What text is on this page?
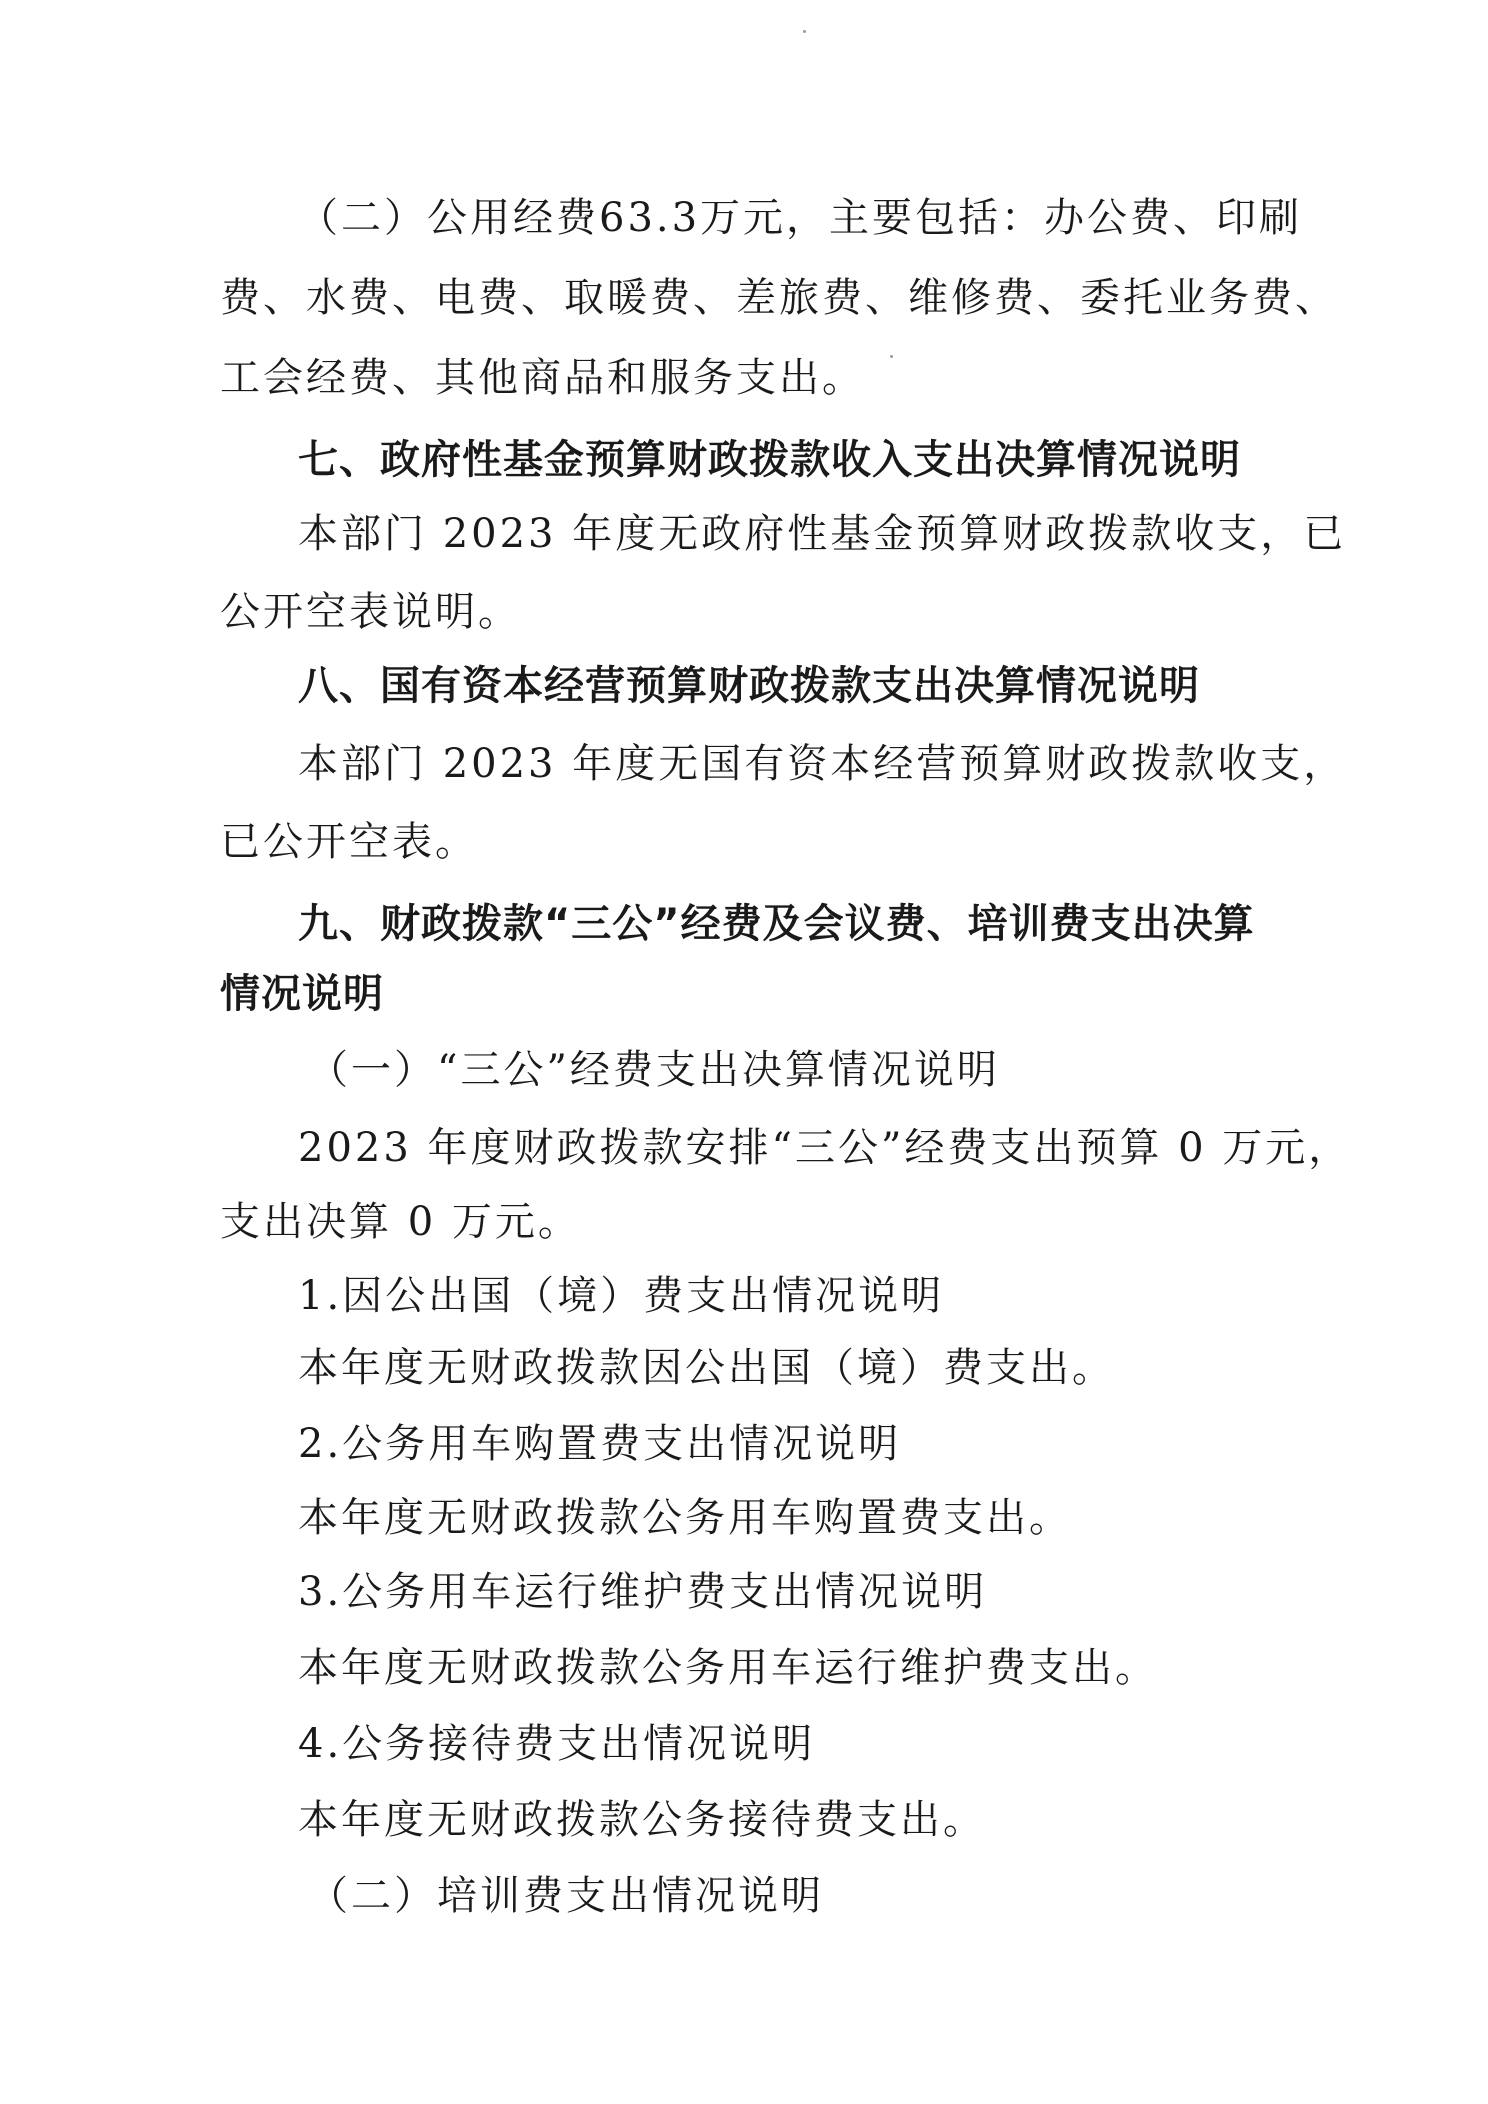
（二）公用经费63.3万元，主要包括：办公费、印刷
费、水费、电费、取暖费、差旅费、维修费、委托业务费、
工会经费、其他商品和服务支出。
七、政府性基金预算财政拨款收入支出决算情况说明
本部门 2023 年度无政府性基金预算财政拨款收支，已
公开空表说明。
八、国有资本经营预算财政拨款支出决算情况说明
本部门 2023 年度无国有资本经营预算财政拨款收支，
已公开空表。
九、财政拨款“三公”经费及会议费、培训费支出决算
情况说明
（一）“三公”经费支出决算情况说明
2023 年度财政拨款安排“三公”经费支出预算 0 万元，
支出决算 0 万元。
1.因公出国（境）费支出情况说明
本年度无财政拨款因公出国（境）费支出。
2.公务用车购置费支出情况说明
本年度无财政拨款公务用车购置费支出。
3.公务用车运行维护费支出情况说明
本年度无财政拨款公务用车运行维护费支出。
4.公务接待费支出情况说明
本年度无财政拨款公务接待费支出。
（二）培训费支出情况说明
